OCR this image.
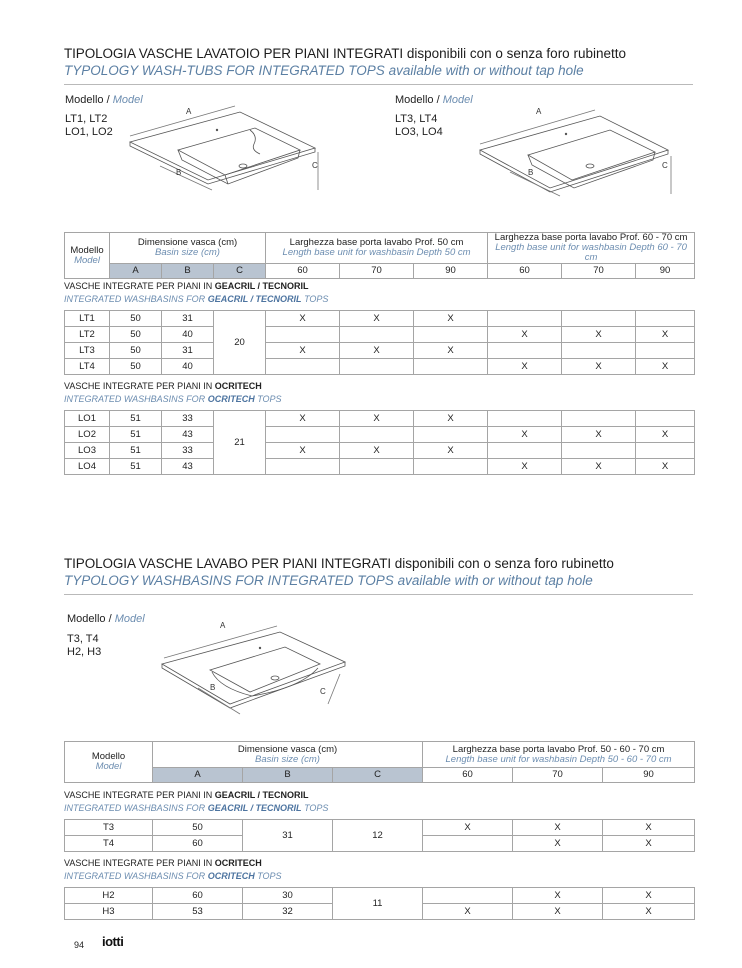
TIPOLOGIA VASCHE LAVATOIO PER PIANI INTEGRATI disponibili con o senza foro rubinetto
TYPOLOGY WASH-TUBS FOR INTEGRATED TOPS available with or without tap hole
Modello / Model
LT1, LT2
LO1, LO2
Modello / Model
LT3, LT4
LO3, LO4
A
B
C
A
B
C
Modello
Model	Dimensione vasca (cm)
Basin size (cm)			Larghezza base porta lavabo Prof. 50 cm
Length base unit for washbasin Depth 50 cm			Larghezza base porta lavabo Prof. 60 - 70 cm
Length base unit for washbasin Depth 60 - 70 cm		

	A	B	C	60	70	90	60	70	90
VASCHE INTEGRATE PER PIANI IN GEACRIL / TECNORIL
INTEGRATED WASHBASINS FOR GEACRIL / TECNORIL TOPS
LT1	50	31	20	X	X	X			
LT2	50	40					X	X	X
LT3	50	31		X	X	X			
LT4	50	40					X	X	X
VASCHE INTEGRATE PER PIANI IN OCRITECH
INTEGRATED WASHBASINS FOR OCRITECH TOPS
LO1	51	33	21	X	X	X			
LO2	51	43					X	X	X
LO3	51	33		X	X	X			
LO4	51	43					X	X	X
TIPOLOGIA VASCHE LAVABO PER PIANI INTEGRATI disponibili con o senza foro rubinetto
TYPOLOGY WASHBASINS FOR INTEGRATED TOPS available with or without tap hole
Modello / Model
T3, T4
H2, H3
A
B	C
Modello
Model	Dimensione vasca (cm)
Basin size (cm)			Larghezza base porta lavabo Prof. 50 - 60 - 70 cm
Length base unit for washbasin Depth 50 - 60 - 70 cm		

	A	B	C	60	70	90
VASCHE INTEGRATE PER PIANI IN GEACRIL / TECNORIL
INTEGRATED WASHBASINS FOR GEACRIL / TECNORIL TOPS
T3	50	31	12	X	X	X
T4	60				X	X
VASCHE INTEGRATE PER PIANI IN OCRITECH
INTEGRATED WASHBASINS FOR OCRITECH TOPS
H2	60	30	11		X	X
H3	53	32		X	X	X
94 iotti
